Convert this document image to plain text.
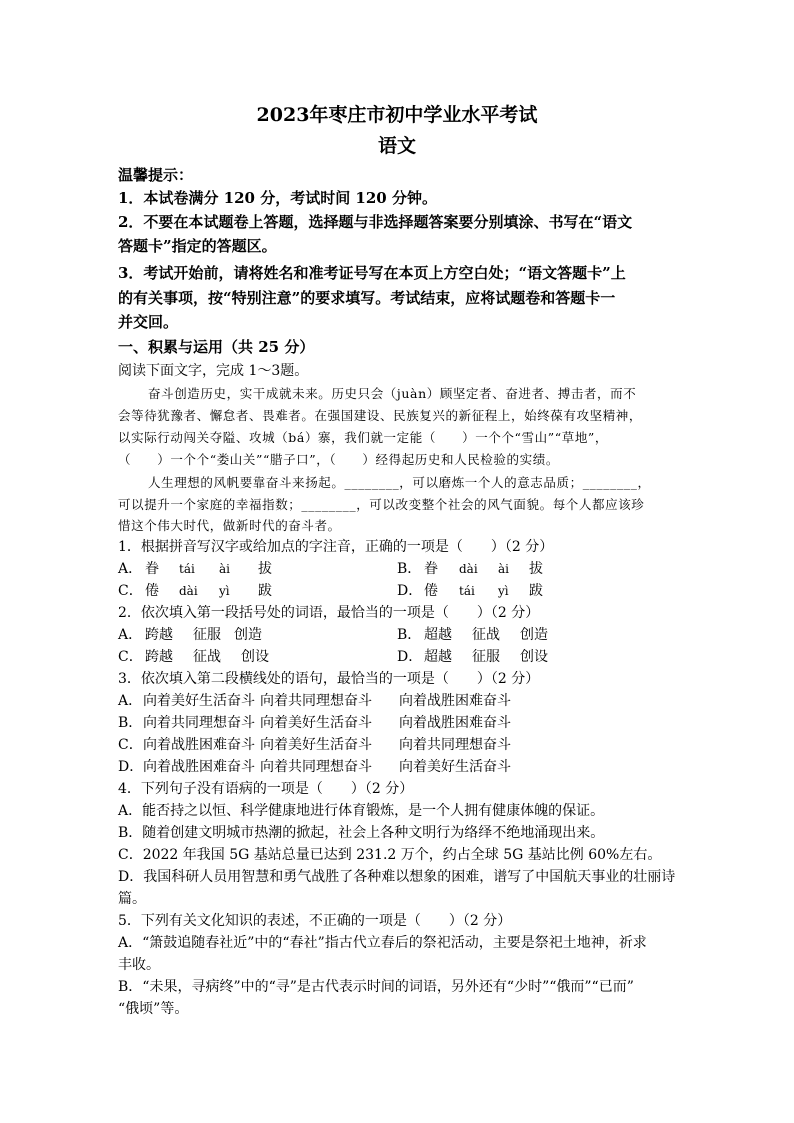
2023年枣庄市初中学业水平考试
语文
温馨提示：
1．本试卷满分 120 分，考试时间 120 分钟。
2．不要在本试题卷上答题，选择题与非选择题答案要分别填涂、书写在“语文
答题卡”指定的答题区。
3．考试开始前，请将姓名和准考证号写在本页上方空白处；“语文答题卡”上
的有关事项，按“特别注意”的要求填写。考试结束，应将试题卷和答题卡一
并交回。
一、积累与运用（共 25 分）
阅读下面文字，完成 1～3题。
奋斗创造历史，实干成就未来。历史只会（juàn）顾坚定者、奋进者、搏击者，而不
会等待犹豫者、懈怠者、畏难者。在强国建设、民族复兴的新征程上，始终葆有攻坚精神，
以实际行动闯关夺隘、攻城（bá）寨，我们就一定能（　　）一个个“雪山”“草地”，
（　　）一个个“娄山关”“腊子口”，（　　）经得起历史和人民检验的实绩。
人生理想的风帆要靠奋斗来扬起。________，可以磨炼一个人的意志品质；________，
可以提升一个家庭的幸福指数；________，可以改变整个社会的风气面貌。每个人都应该珍
惜这个伟大时代，做新时代的奋斗者。
1．根据拼音写汉字或给加点的字注音，正确的一项是（　　）（2 分）
A． 眷 tái ài 拔	B． 眷 dài ài 拔
C． 倦 dài yì 跋	D． 倦 tái yì 跋
2．依次填入第一段括号处的词语，最恰当的一项是（　　）（2 分）
A． 跨越 征服 创造	B． 超越 征战 创造
C． 跨越 征战 创设	D． 超越 征服 创设
3．依次填入第二段横线处的语句，最恰当的一项是（　　）（2 分）
A． 向着美好生活奋斗 向着共同理想奋斗 向着战胜困难奋斗
B． 向着共同理想奋斗 向着美好生活奋斗 向着战胜困难奋斗
C． 向着战胜困难奋斗 向着美好生活奋斗 向着共同理想奋斗
D． 向着战胜困难奋斗 向着共同理想奋斗 向着美好生活奋斗
4．下列句子没有语病的一项是（　　）（2 分）
A．能否持之以恒、科学健康地进行体育锻炼，是一个人拥有健康体魄的保证。
B．随着创建文明城市热潮的掀起，社会上各种文明行为络绎不绝地涌现出来。
C．2022 年我国 5G 基站总量已达到 231.2 万个，约占全球 5G 基站比例 60%左右。
D．我国科研人员用智慧和勇气战胜了各种难以想象的困难，谱写了中国航天事业的壮丽诗
篇。
5．下列有关文化知识的表述，不正确的一项是（　　）（2 分）
A．“箫鼓追随春社近”中的“春社”指古代立春后的祭祀活动，主要是祭祀土地神，祈求
丰收。
B．“未果，寻病终”中的“寻”是古代表示时间的词语，另外还有“少时”“俄而”“已而”
“俄顷”等。
